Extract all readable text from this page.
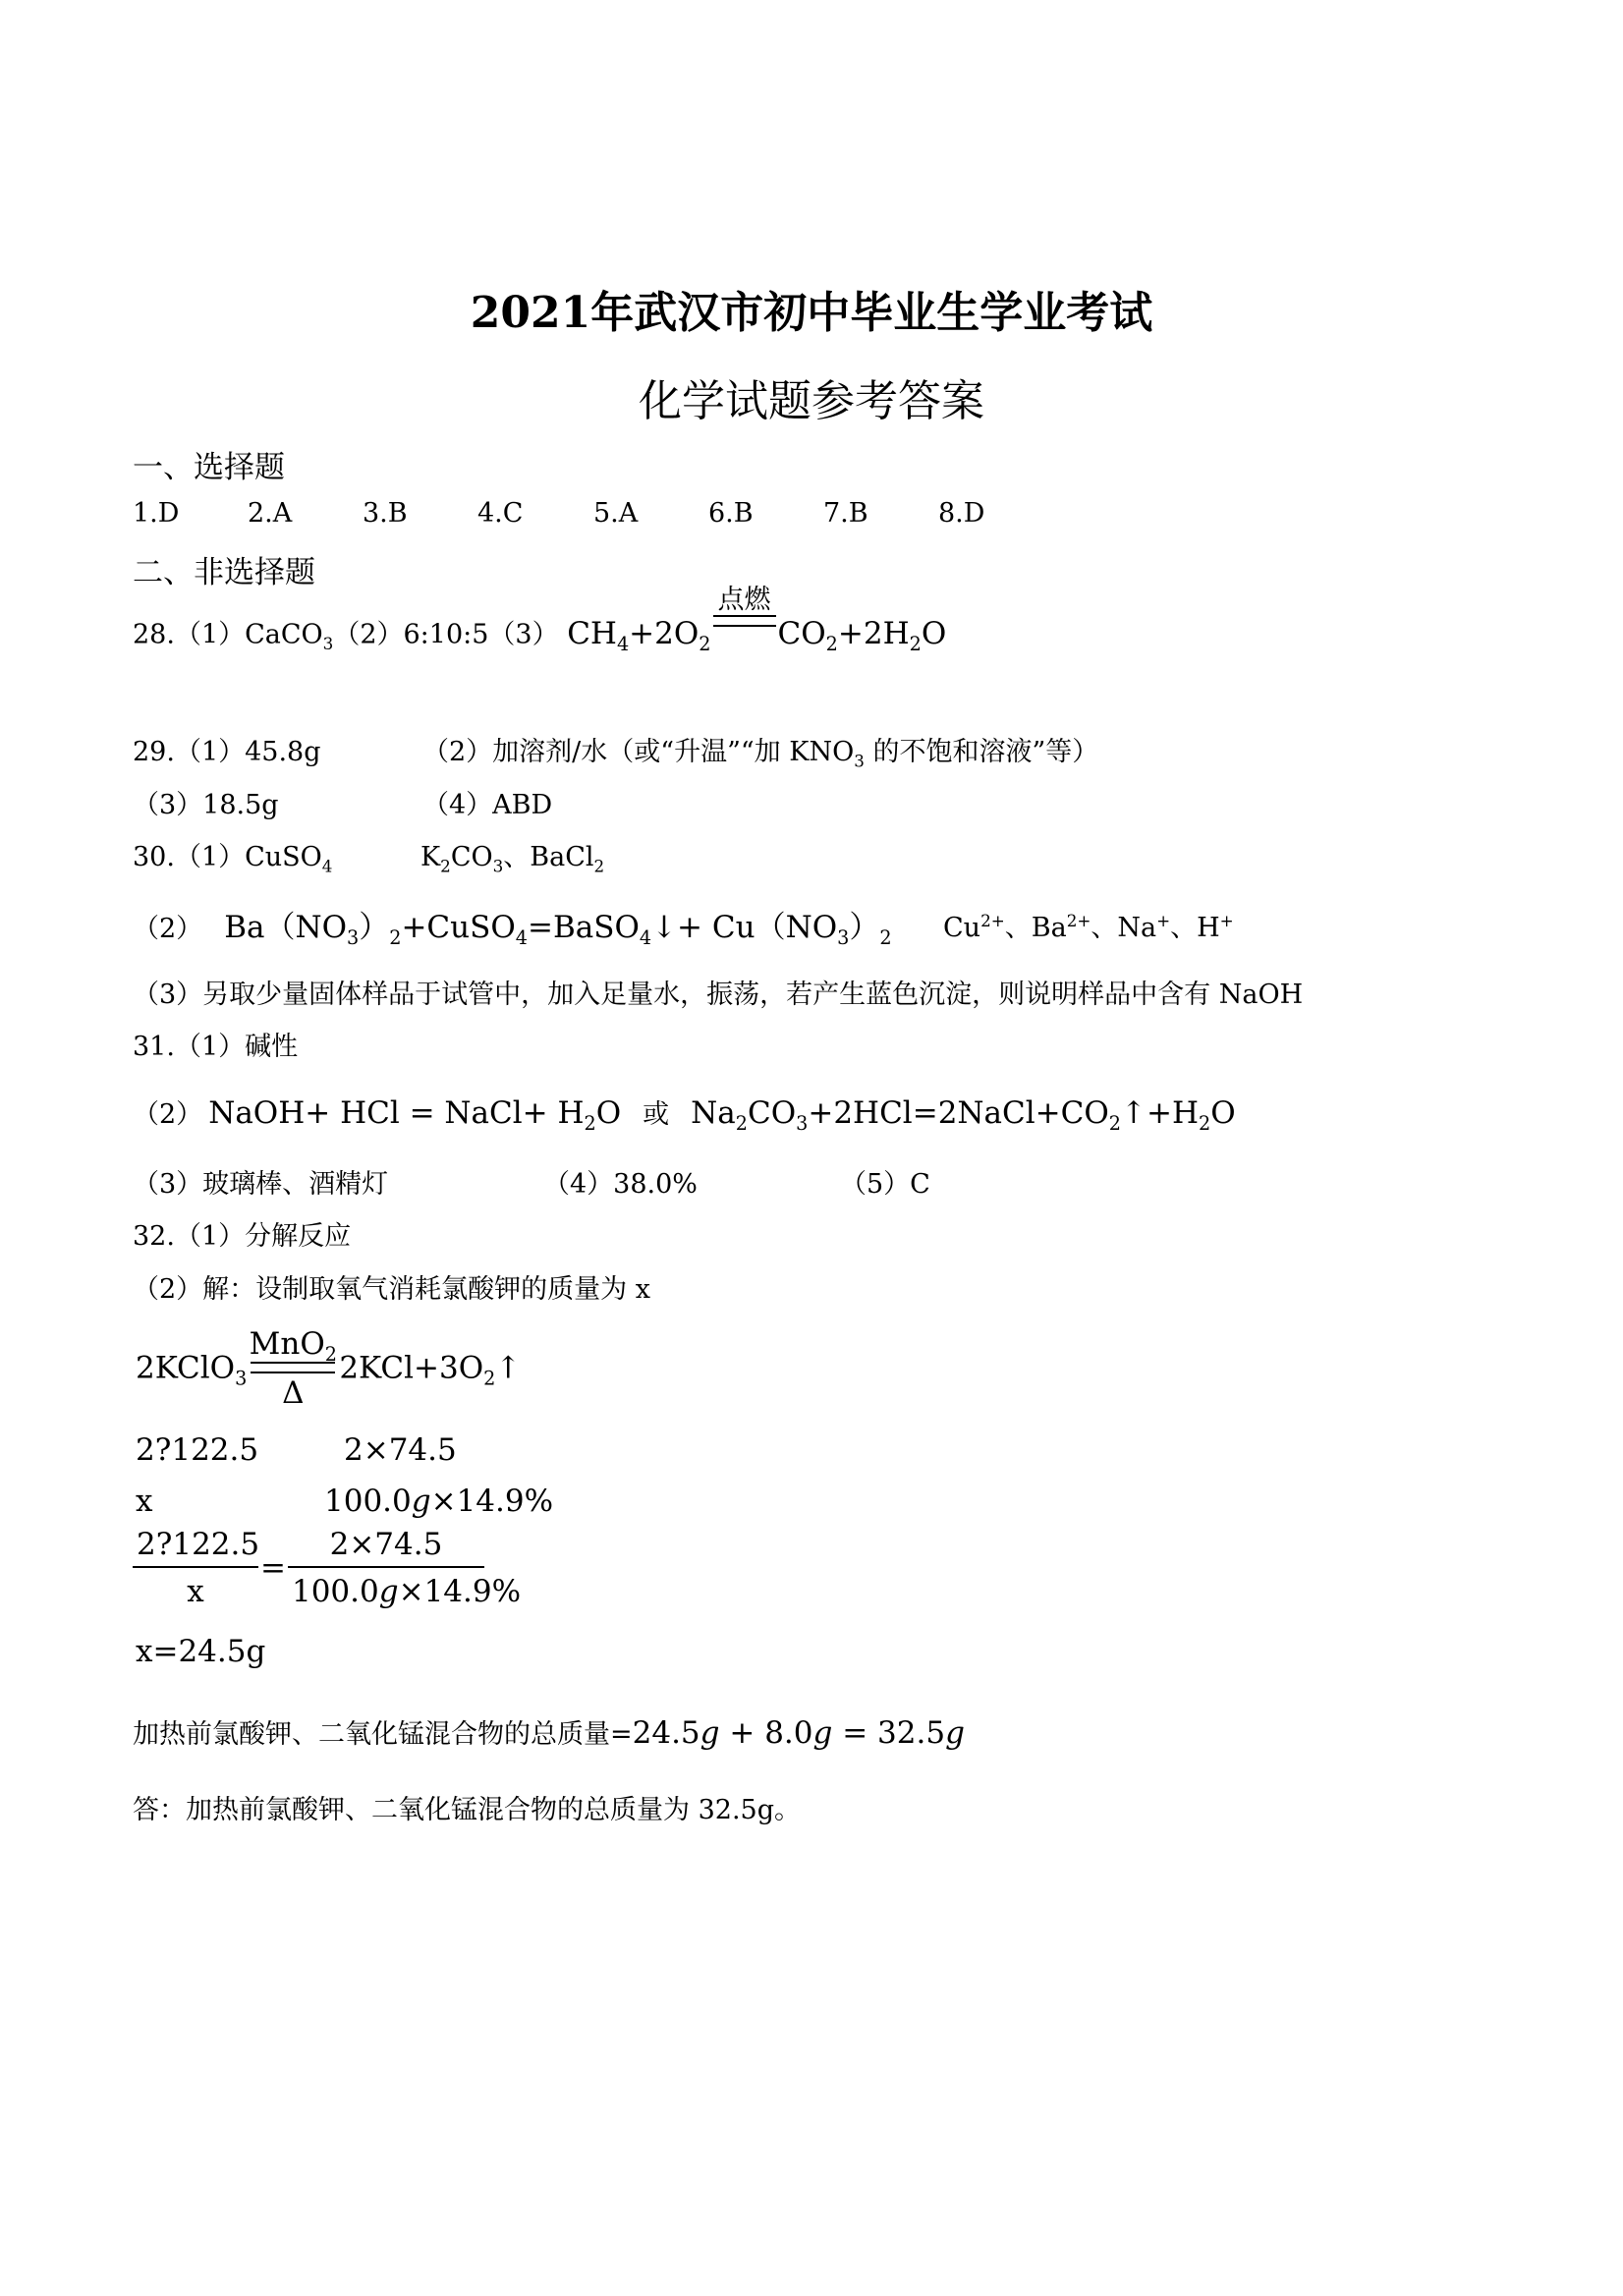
2021年武汉市初中毕业生学业考试
化学试题参考答案
一、选择题
1.D	2.A	3.B	4.C	5.A	6.B	7.B	8.D
二、非选择题
28.（1）CaCO$_3$（2）6:10:5（3） $CH_4+2O_2$
点燃
$CO_2+2H_2O$
29.（1）45.8g	（2）加溶剂/水（或“升温”“加 $KNO_3$ 的不饱和溶液”等）
（3）18.5g	（4）ABD
30.（1）CuSO$_4$	$K_2CO_3$、BaCl$_2$
（2） $Ba(NO_3)_2+CuSO_4=BaSO_4↓+ Cu(NO_3)_2$ $Cu^{2+}$、$Ba^{2+}$、Na+、H+
（3）另取少量固体样品于试管中，加入足量水，振荡，若产生蓝色沉淀，则说明样品中含有 NaOH
31.（1）碱性
（2） NaOH+ HCl = NaCl+ $H_2O$ 或 $Na_2CO_3+2HCl=2NaCl+CO_2↑+H_2O$
（3）玻璃棒、酒精灯	（4）38.0%	（5）C
32.（1）分解反应
（2）解：设制取氧气消耗氯酸钾的质量为 x
2KClO$_3$
MnO$_2$
Δ
$2KCl+3O_2↑$
2?122.5	2×74.5
x	100.0g×14.9%
$\frac{2?122.5}{x} = \frac{2\times 74.5}{100.0g\times 14.9\%}$
x=24.5g
加热前氯酸钾、二氧化锰混合物的总质量=24.5g + 8.0g = 32.5g
答：加热前氯酸钾、二氧化锰混合物的总质量为 32.5g。
